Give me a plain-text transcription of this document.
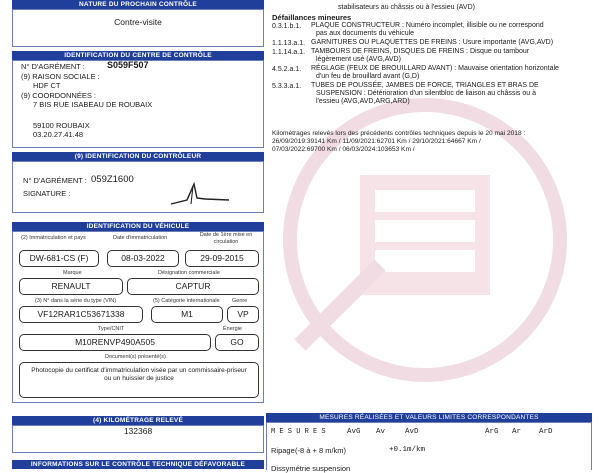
NATURE DU PROCHAIN CONTRÔLE
Contre-visite
IDENTIFICATION DU CENTRE DE CONTRÔLE
N° D'AGRÉMENT : S059F507
(9) RAISON SOCIALE :
HDF CT
(9) COORDONNÉES :
7 BIS RUE ISABEAU DE ROUBAIX
59100 ROUBAIX
03.20.27.41.48
(9) IDENTIFICATION DU CONTRÔLEUR
N° D'AGRÉMENT : 059Z1600
SIGNATURE :
IDENTIFICATION DU VÉHICULE
(2) Immatriculation et pays	Date d'immatriculation	Date de 1ère mise en circulation
DW-681-CS (F)	08-03-2022	29-09-2015
Marque	Désignation commerciale
RENAULT	CAPTUR
(3) N° dans la série du type (VIN)	(5) Catégorie internationale Genre
VF12RAR1C53671338	M1	VP
Type/CNIT	Énergie
M10RENVP490A505	GO
Document(s) présenté(s)
Photocopie du certificat d'immatriculation visée par un commissaire-priseur ou un huissier de justice
(4) KILOMÉTRAGE RELEVÉ
132368
INFORMATIONS SUR LE CONTRÔLE TECHNIQUE DÉFAVORABLE
stabilisateurs au châssis ou à l'essieu (AVD)
Défaillances mineures
0.3.1.b.1. PLAQUE CONSTRUCTEUR : Numéro incomplet, illisible ou ne correspond
pas aux documents du véhicule
1.1.13.a.1. GARNITURES OU PLAQUETTES DE FREINS : Usure importante (AVG,AVD)
1.1.14.a.1. TAMBOURS DE FREINS, DISQUES DE FREINS : Disque ou tambour
légèrement usé (AVG,AVD)
4.5.2.a.1. RÉGLAGE (FEUX DE BROUILLARD AVANT) : Mauvaise orientation horizontale
d'un feu de brouillard avant (G,D)
5.3.3.a.1. TUBES DE POUSSÉE, JAMBES DE FORCE, TRIANGLES ET BRAS DE
SUSPENSION : Détérioration d'un silentbloc de liaison au châssis ou à
l'essieu (AVG,AVD,ARG,ARD)
Kilométrages relevés lors des précédents contrôles techniques depuis le 20 mai 2018 :
26/09/2019:39141 Km / 11/09/2021:62701 Km / 29/10/2021:64667 Km /
07/03/2022:69700 Km / 06/03/2024:103653 Km /
MESURES RÉALISÉES ET VALEURS LIMITES CORRESPONDANTES
M E S U R E S	AvG Av	AvD	ArG Ar ArD
Ripage (-8 à + 8 m/km)	+0.1m/km
Dissymétrie suspension
